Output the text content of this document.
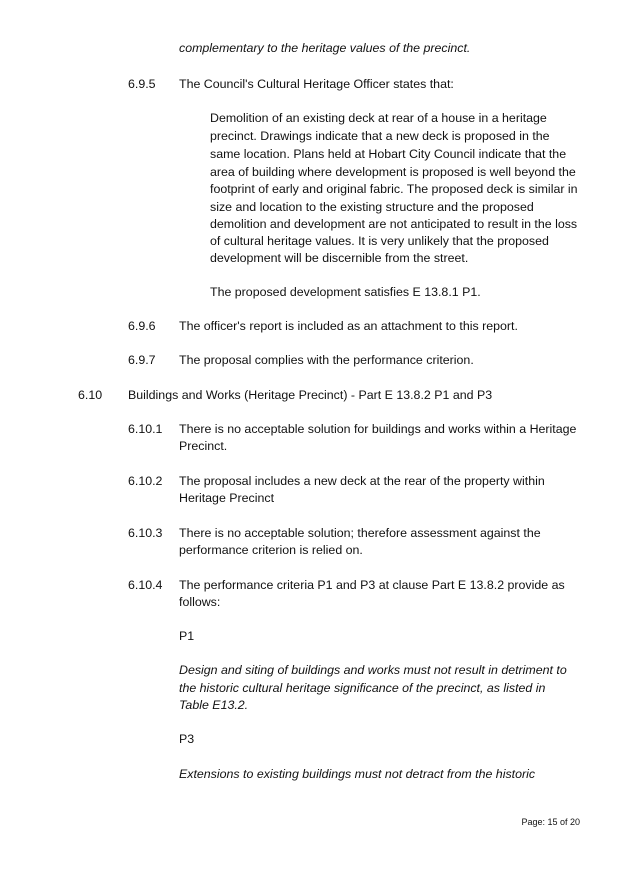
complementary to the heritage values of the precinct.

6.9.5 The Council's Cultural Heritage Officer states that:

Demolition of an existing deck at rear of a house in a heritage

precinct. Drawings indicate that a new deck is proposed in the

same location. Plans held at Hobart City Council indicate that the

area of building where development is proposed is well beyond the

footprint of early and original fabric. The proposed deck is similar in

size and location to the existing structure and the proposed

demolition and development are not anticipated to result in the loss

of cultural heritage values. It is very unlikely that the proposed

development will be discernible from the street.

The proposed development satisfies E 13.8.1 P1.

6.9.6 The officer's report is included as an attachment to this report.

6.9.7 The proposal complies with the performance criterion.

6.10 Buildings and Works (Heritage Precinct) - Part E 13.8.2 P1 and P3

6.10.1 There is no acceptable solution for buildings and works within a Heritage

Precinct.

6.10.2 The proposal includes a new deck at the rear of the property within

Heritage Precinct

6.10.3 There is no acceptable solution; therefore assessment against the

performance criterion is relied on.

6.10.4 The performance criteria P1 and P3 at clause Part E 13.8.2 provide as

follows:

P1

Design and siting of buildings and works must not result in detriment to

the historic cultural heritage significance of the precinct, as listed in

Table E13.2.

P3

Extensions to existing buildings must not detract from the historic

Page: 15 of 20
